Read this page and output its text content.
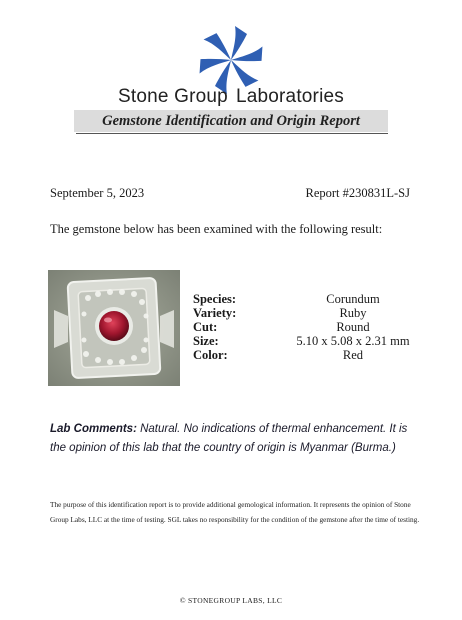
Stone Group Laboratories
Gemstone Identification and Origin Report
September 5, 2023	Report #230831L-SJ
The gemstone below has been examined with the following result:
Species:	Corundum
Variety:	Ruby
Cut:	Round
Size:	5.10 x 5.08 x 2.31 mm
Color:	Red
Lab Comments: Natural. No indications of thermal enhancement. It is the opinion of this lab that the country of origin is Myanmar (Burma.)
The purpose of this identification report is to provide additional gemological information. It represents the opinion of Stone Group Labs, LLC at the time of testing. SGL takes no responsibility for the condition of the gemstone after the time of testing.
© STONEGROUP LABS, LLC
